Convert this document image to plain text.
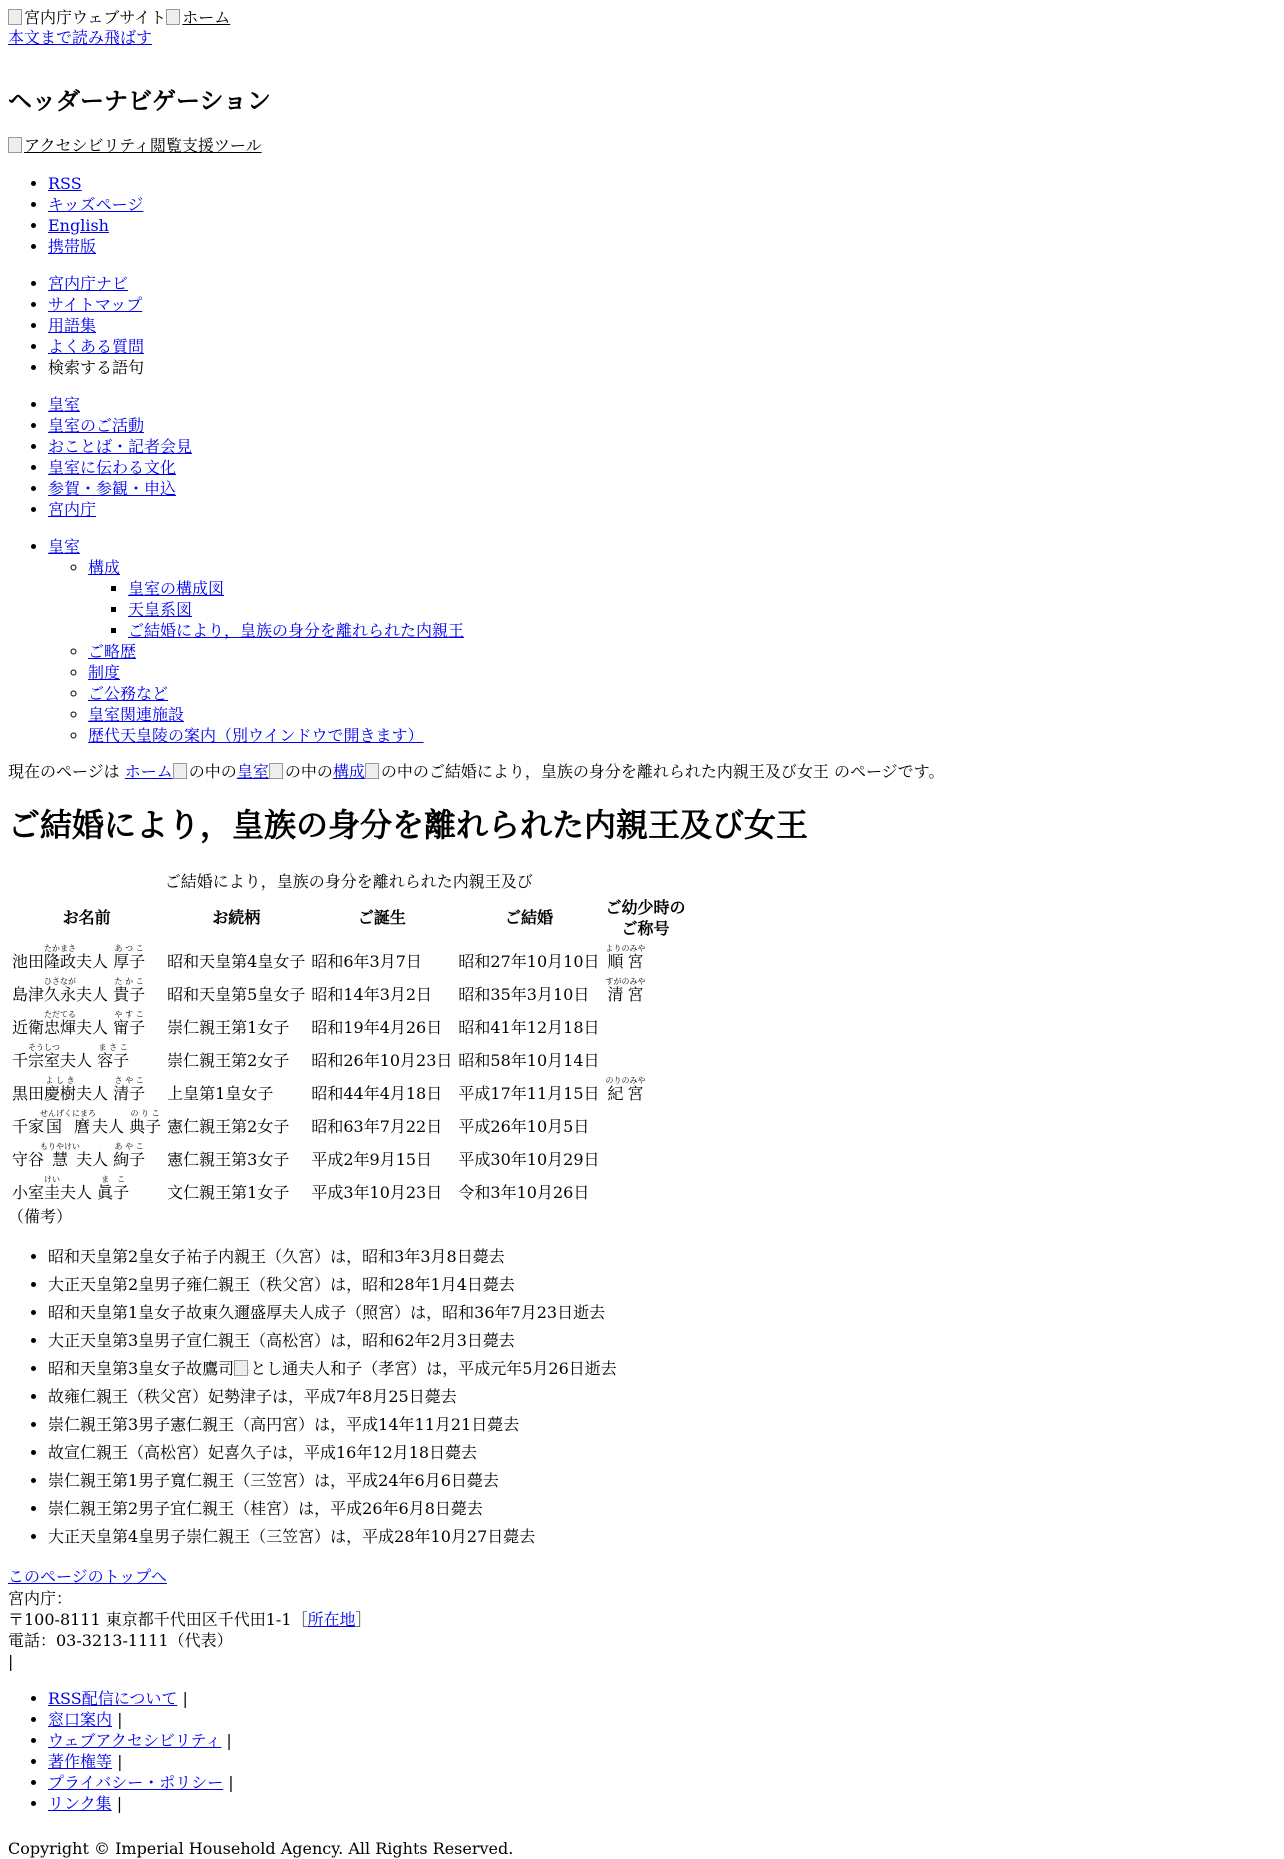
宮内庁ウェブサイト ホーム
本文まで読み飛ばす
ヘッダーナビゲーション
アクセシビリティ閲覧支援ツール
• RSS
• キッズページ
• English
• 携帯版
• 宮内庁ナビ
• サイトマップ
• 用語集
• よくある質問
• 検索する語句
• 皇室
• 皇室のご活動
• おことば・記者会見
• 皇室に伝わる文化
• 参賀・参観・申込
• 宮内庁
• 皇室
◦ 構成
▪ 皇室の構成図
▪ 天皇系図
▪ ご結婚により，皇族の身分を離れられた内親王
◦ ご略歴
◦ 制度
◦ ご公務など
◦ 皇室関連施設
◦ 歴代天皇陵の案内（別ウインドウで開きます）
現在のページは ホーム の中の皇室 の中の構成 の中のご結婚により，皇族の身分を離れられた内親王及び女王 のページです。
ご結婚により，皇族の身分を離れられた内親王及び女王
ご結婚により，皇族の身分を離れられた内親王及び
お名前	お続柄	ご誕生	ご結婚	ご幼少時の
ご称号
池田隆政たかまさ夫人 厚子あつこ	昭和天皇第4皇女子	昭和6年3月7日	昭和27年10月10日	順宮よりのみや
島津久永ひさなが夫人 貴子たかこ	昭和天皇第5皇女子	昭和14年3月2日	昭和35年3月10日	清宮すがのみや
近衛忠煇ただてる夫人 甯子やすこ	崇仁親王第1女子	昭和19年4月26日	昭和41年12月18日	
千宗室そうしつ夫人 容子まさこ	崇仁親王第2女子	昭和26年10月23日	昭和58年10月14日	
黒田慶樹よしき夫人 清子さやこ	上皇第1皇女子	昭和44年4月18日	平成17年11月15日	紀宮のりのみや
千家国麿せんげくにまろ夫人 典子のりこ	憲仁親王第2女子	昭和63年7月22日	平成26年10月5日	
守谷慧もりやけい夫人 絢子あやこ	憲仁親王第3女子	平成2年9月15日	平成30年10月29日	
小室圭けい夫人 眞子まこ	文仁親王第1女子	平成3年10月23日	令和3年10月26日	
（備考）
• 昭和天皇第2皇女子祐子内親王（久宮）は，昭和3年3月8日薨去
• 大正天皇第2皇男子雍仁親王（秩父宮）は，昭和28年1月4日薨去
• 昭和天皇第1皇女子故東久邇盛厚夫人成子（照宮）は，昭和36年7月23日逝去
• 大正天皇第3皇男子宣仁親王（高松宮）は，昭和62年2月3日薨去
• 昭和天皇第3皇女子故鷹司 とし通夫人和子（孝宮）は，平成元年5月26日逝去
• 故雍仁親王（秩父宮）妃勢津子は，平成7年8月25日薨去
• 崇仁親王第3男子憲仁親王（高円宮）は，平成14年11月21日薨去
• 故宣仁親王（高松宮）妃喜久子は，平成16年12月18日薨去
• 崇仁親王第1男子寬仁親王（三笠宮）は，平成24年6月6日薨去
• 崇仁親王第2男子宜仁親王（桂宮）は，平成26年6月8日薨去
• 大正天皇第4皇男子崇仁親王（三笠宮）は，平成28年10月27日薨去
このページのトップへ
宮内庁：
〒100-8111 東京都千代田区千代田1-1［所在地］
電話：03-3213-1111（代表）
|
• RSS配信について |
• 窓口案内 |
• ウェブアクセシビリティ |
• 著作権等 |
• プライバシー・ポリシー |
• リンク集 |
Copyright © Imperial Household Agency. All Rights Reserved.
